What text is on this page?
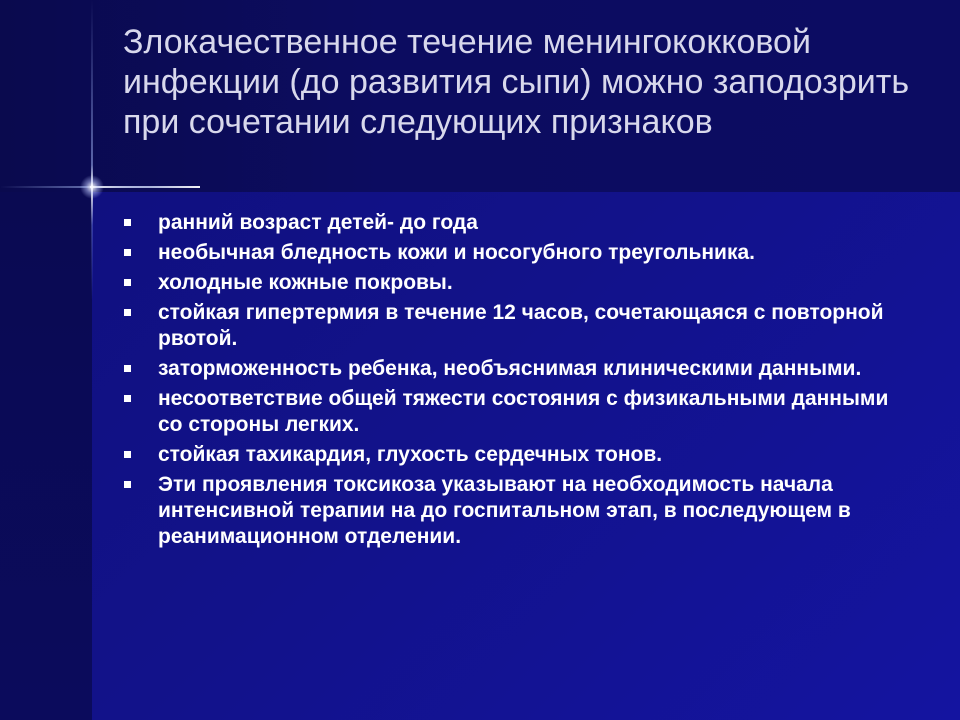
Злокачественное течение менингококковой инфекции (до развития сыпи) можно заподозрить при сочетании следующих признаков
ранний возраст детей- до года
необычная бледность кожи и носогубного треугольника.
холодные кожные покровы.
стойкая гипертермия в течение 12 часов, сочетающаяся с повторной рвотой.
заторможенность ребенка, необъяснимая клиническими данными.
несоответствие общей тяжести состояния с физикальными данными со стороны легких.
стойкая тахикардия, глухость сердечных тонов.
Эти проявления токсикоза указывают на необходимость начала интенсивной терапии на до госпитальном этап, в последующем в реанимационном отделении.
